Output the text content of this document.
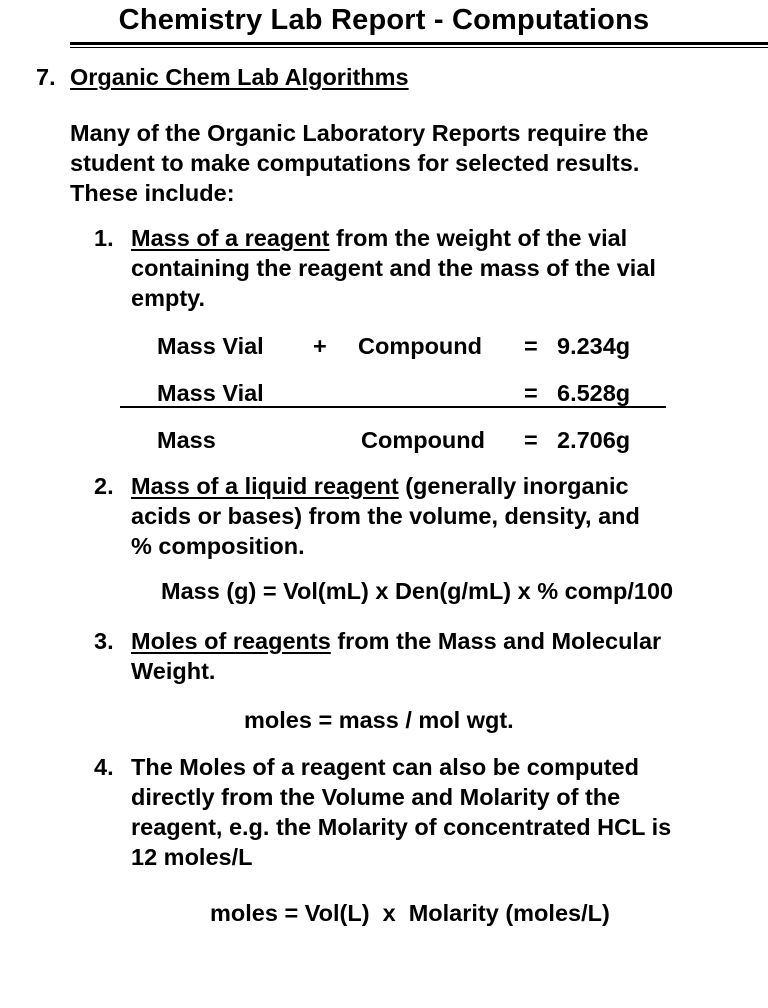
Chemistry Lab Report - Computations
7. Organic Chem Lab Algorithms
Many of the Organic Laboratory Reports require the
student to make computations for selected results.
These include:
1. Mass of a reagent from the weight of the vial
containing the reagent and the mass of the vial
empty.
Mass Vial + Compound = 9.234g
Mass Vial	= 6.528g
Mass	Compound = 2.706g
2. Mass of a liquid reagent (generally inorganic
acids or bases) from the volume, density, and
% composition.
Mass (g) = Vol(mL) x Den(g/mL) x % comp/100
3. Moles of reagents from the Mass and Molecular
Weight.
moles = mass / mol wgt.
4. The Moles of a reagent can also be computed
directly from the Volume and Molarity of the
reagent, e.g. the Molarity of concentrated HCL is
12 moles/L
moles = Vol(L)  x  Molarity (moles/L)
